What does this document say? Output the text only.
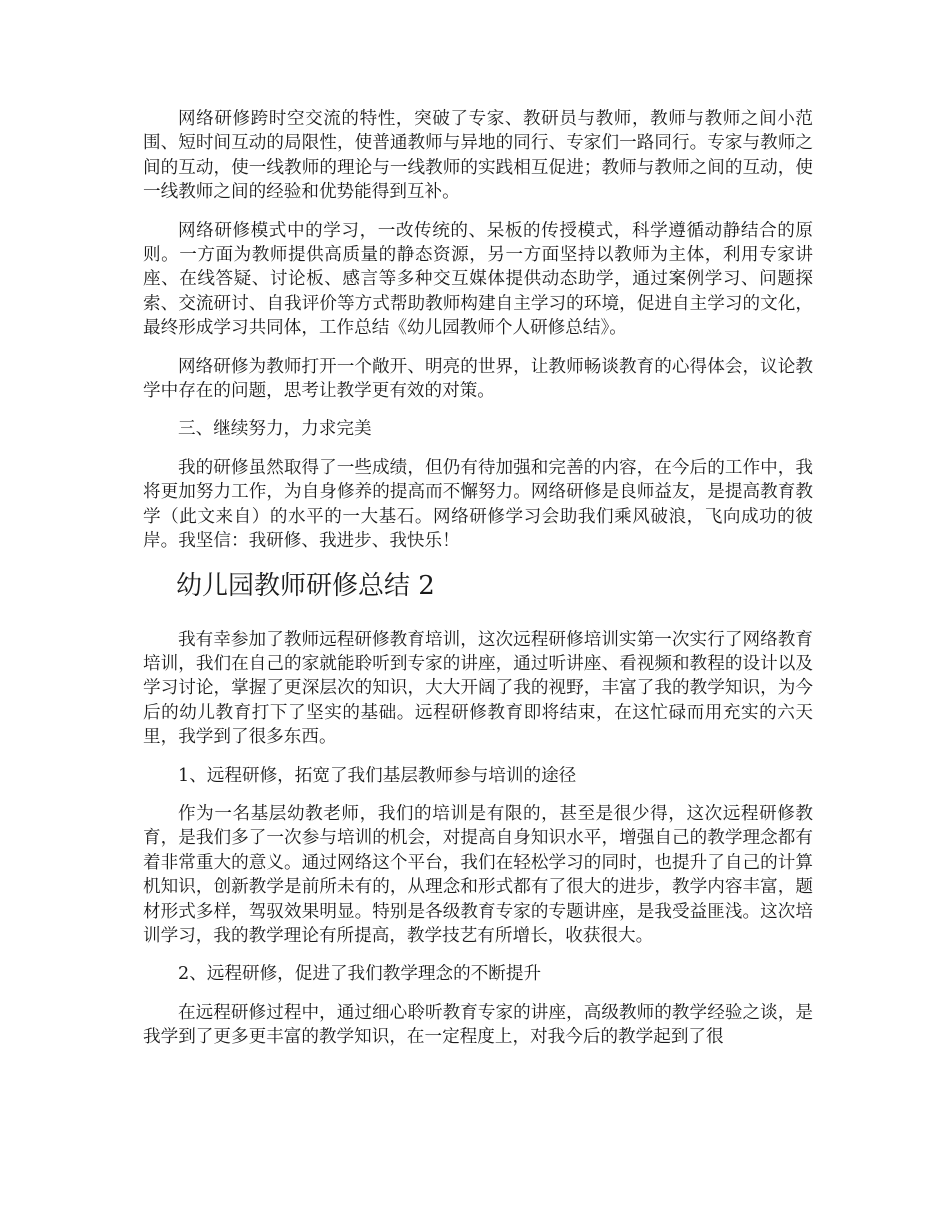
网络研修跨时空交流的特性，突破了专家、教研员与教师，教师与教师之间小范围、短时间互动的局限性，使普通教师与异地的同行、专家们一路同行。专家与教师之间的互动，使一线教师的理论与一线教师的实践相互促进；教师与教师之间的互动，使一线教师之间的经验和优势能得到互补。

网络研修模式中的学习，一改传统的、呆板的传授模式，科学遵循动静结合的原则。一方面为教师提供高质量的静态资源，另一方面坚持以教师为主体，利用专家讲座、在线答疑、讨论板、感言等多种交互媒体提供动态助学，通过案例学习、问题探索、交流研讨、自我评价等方式帮助教师构建自主学习的环境，促进自主学习的文化，最终形成学习共同体，工作总结《幼儿园教师个人研修总结》。

网络研修为教师打开一个敞开、明亮的世界，让教师畅谈教育的心得体会，议论教学中存在的问题，思考让教学更有效的对策。

三、继续努力，力求完美

我的研修虽然取得了一些成绩，但仍有待加强和完善的内容，在今后的工作中，我将更加努力工作，为自身修养的提高而不懈努力。网络研修是良师益友，是提高教育教学（此文来自）的水平的一大基石。网络研修学习会助我们乘风破浪，飞向成功的彼岸。我坚信：我研修、我进步、我快乐！

幼儿园教师研修总结 2

我有幸参加了教师远程研修教育培训，这次远程研修培训实第一次实行了网络教育培训，我们在自己的家就能聆听到专家的讲座，通过听讲座、看视频和教程的设计以及学习讨论，掌握了更深层次的知识，大大开阔了我的视野，丰富了我的教学知识，为今后的幼儿教育打下了坚实的基础。远程研修教育即将结束，在这忙碌而用充实的六天里，我学到了很多东西。

1、远程研修，拓宽了我们基层教师参与培训的途径

作为一名基层幼教老师，我们的培训是有限的，甚至是很少得，这次远程研修教育，是我们多了一次参与培训的机会，对提高自身知识水平，增强自己的教学理念都有着非常重大的意义。通过网络这个平台，我们在轻松学习的同时，也提升了自己的计算机知识，创新教学是前所未有的，从理念和形式都有了很大的进步，教学内容丰富，题材形式多样，驾驭效果明显。特别是各级教育专家的专题讲座，是我受益匪浅。这次培训学习，我的教学理论有所提高，教学技艺有所增长，收获很大。

2、远程研修，促进了我们教学理念的不断提升

在远程研修过程中，通过细心聆听教育专家的讲座，高级教师的教学经验之谈，是我学到了更多更丰富的教学知识，在一定程度上，对我今后的教学起到了很
